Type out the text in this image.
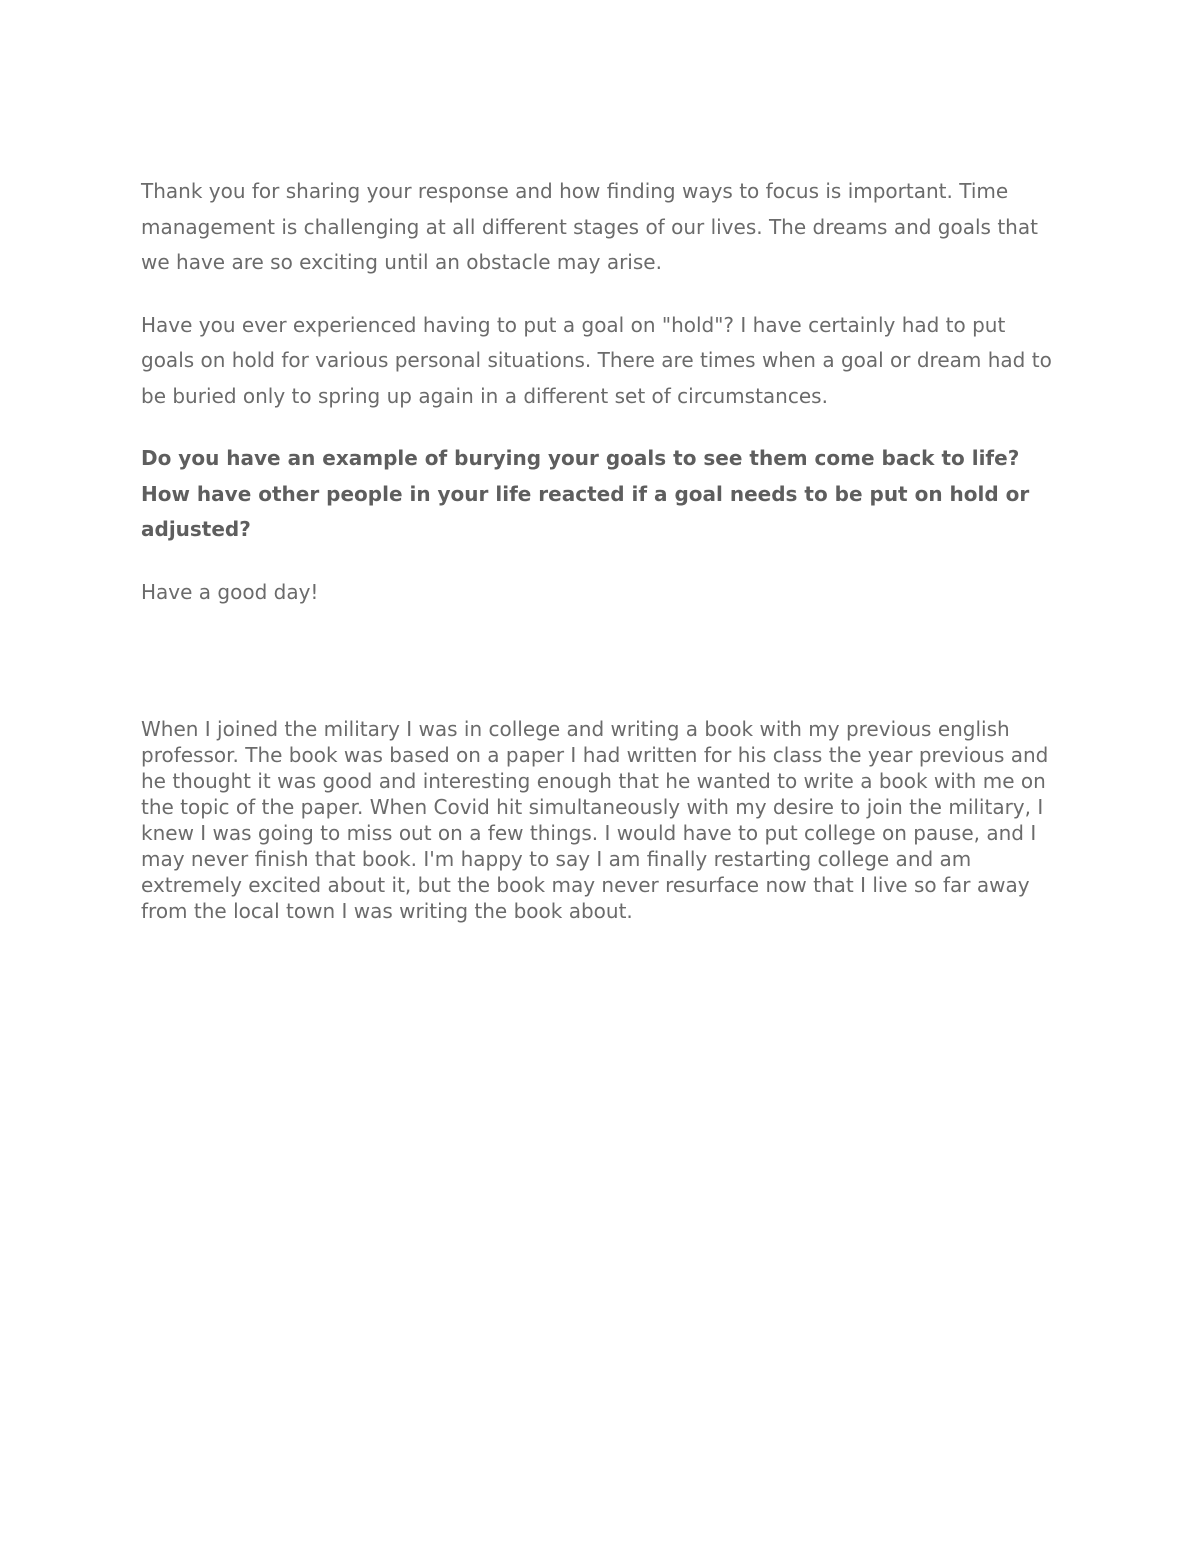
Thank you for sharing your response and how finding ways to focus is important. Time management is challenging at all different stages of our lives. The dreams and goals that we have are so exciting until an obstacle may arise.

Have you ever experienced having to put a goal on "hold"? I have certainly had to put goals on hold for various personal situations. There are times when a goal or dream had to be buried only to spring up again in a different set of circumstances.

Do you have an example of burying your goals to see them come back to life? How have other people in your life reacted if a goal needs to be put on hold or adjusted?

Have a good day!

When I joined the military I was in college and writing a book with my previous english professor. The book was based on a paper I had written for his class the year previous and he thought it was good and interesting enough that he wanted to write a book with me on the topic of the paper. When Covid hit simultaneously with my desire to join the military, I knew I was going to miss out on a few things. I would have to put college on pause, and I may never finish that book. I'm happy to say I am finally restarting college and am extremely excited about it, but the book may never resurface now that I live so far away from the local town I was writing the book about.
